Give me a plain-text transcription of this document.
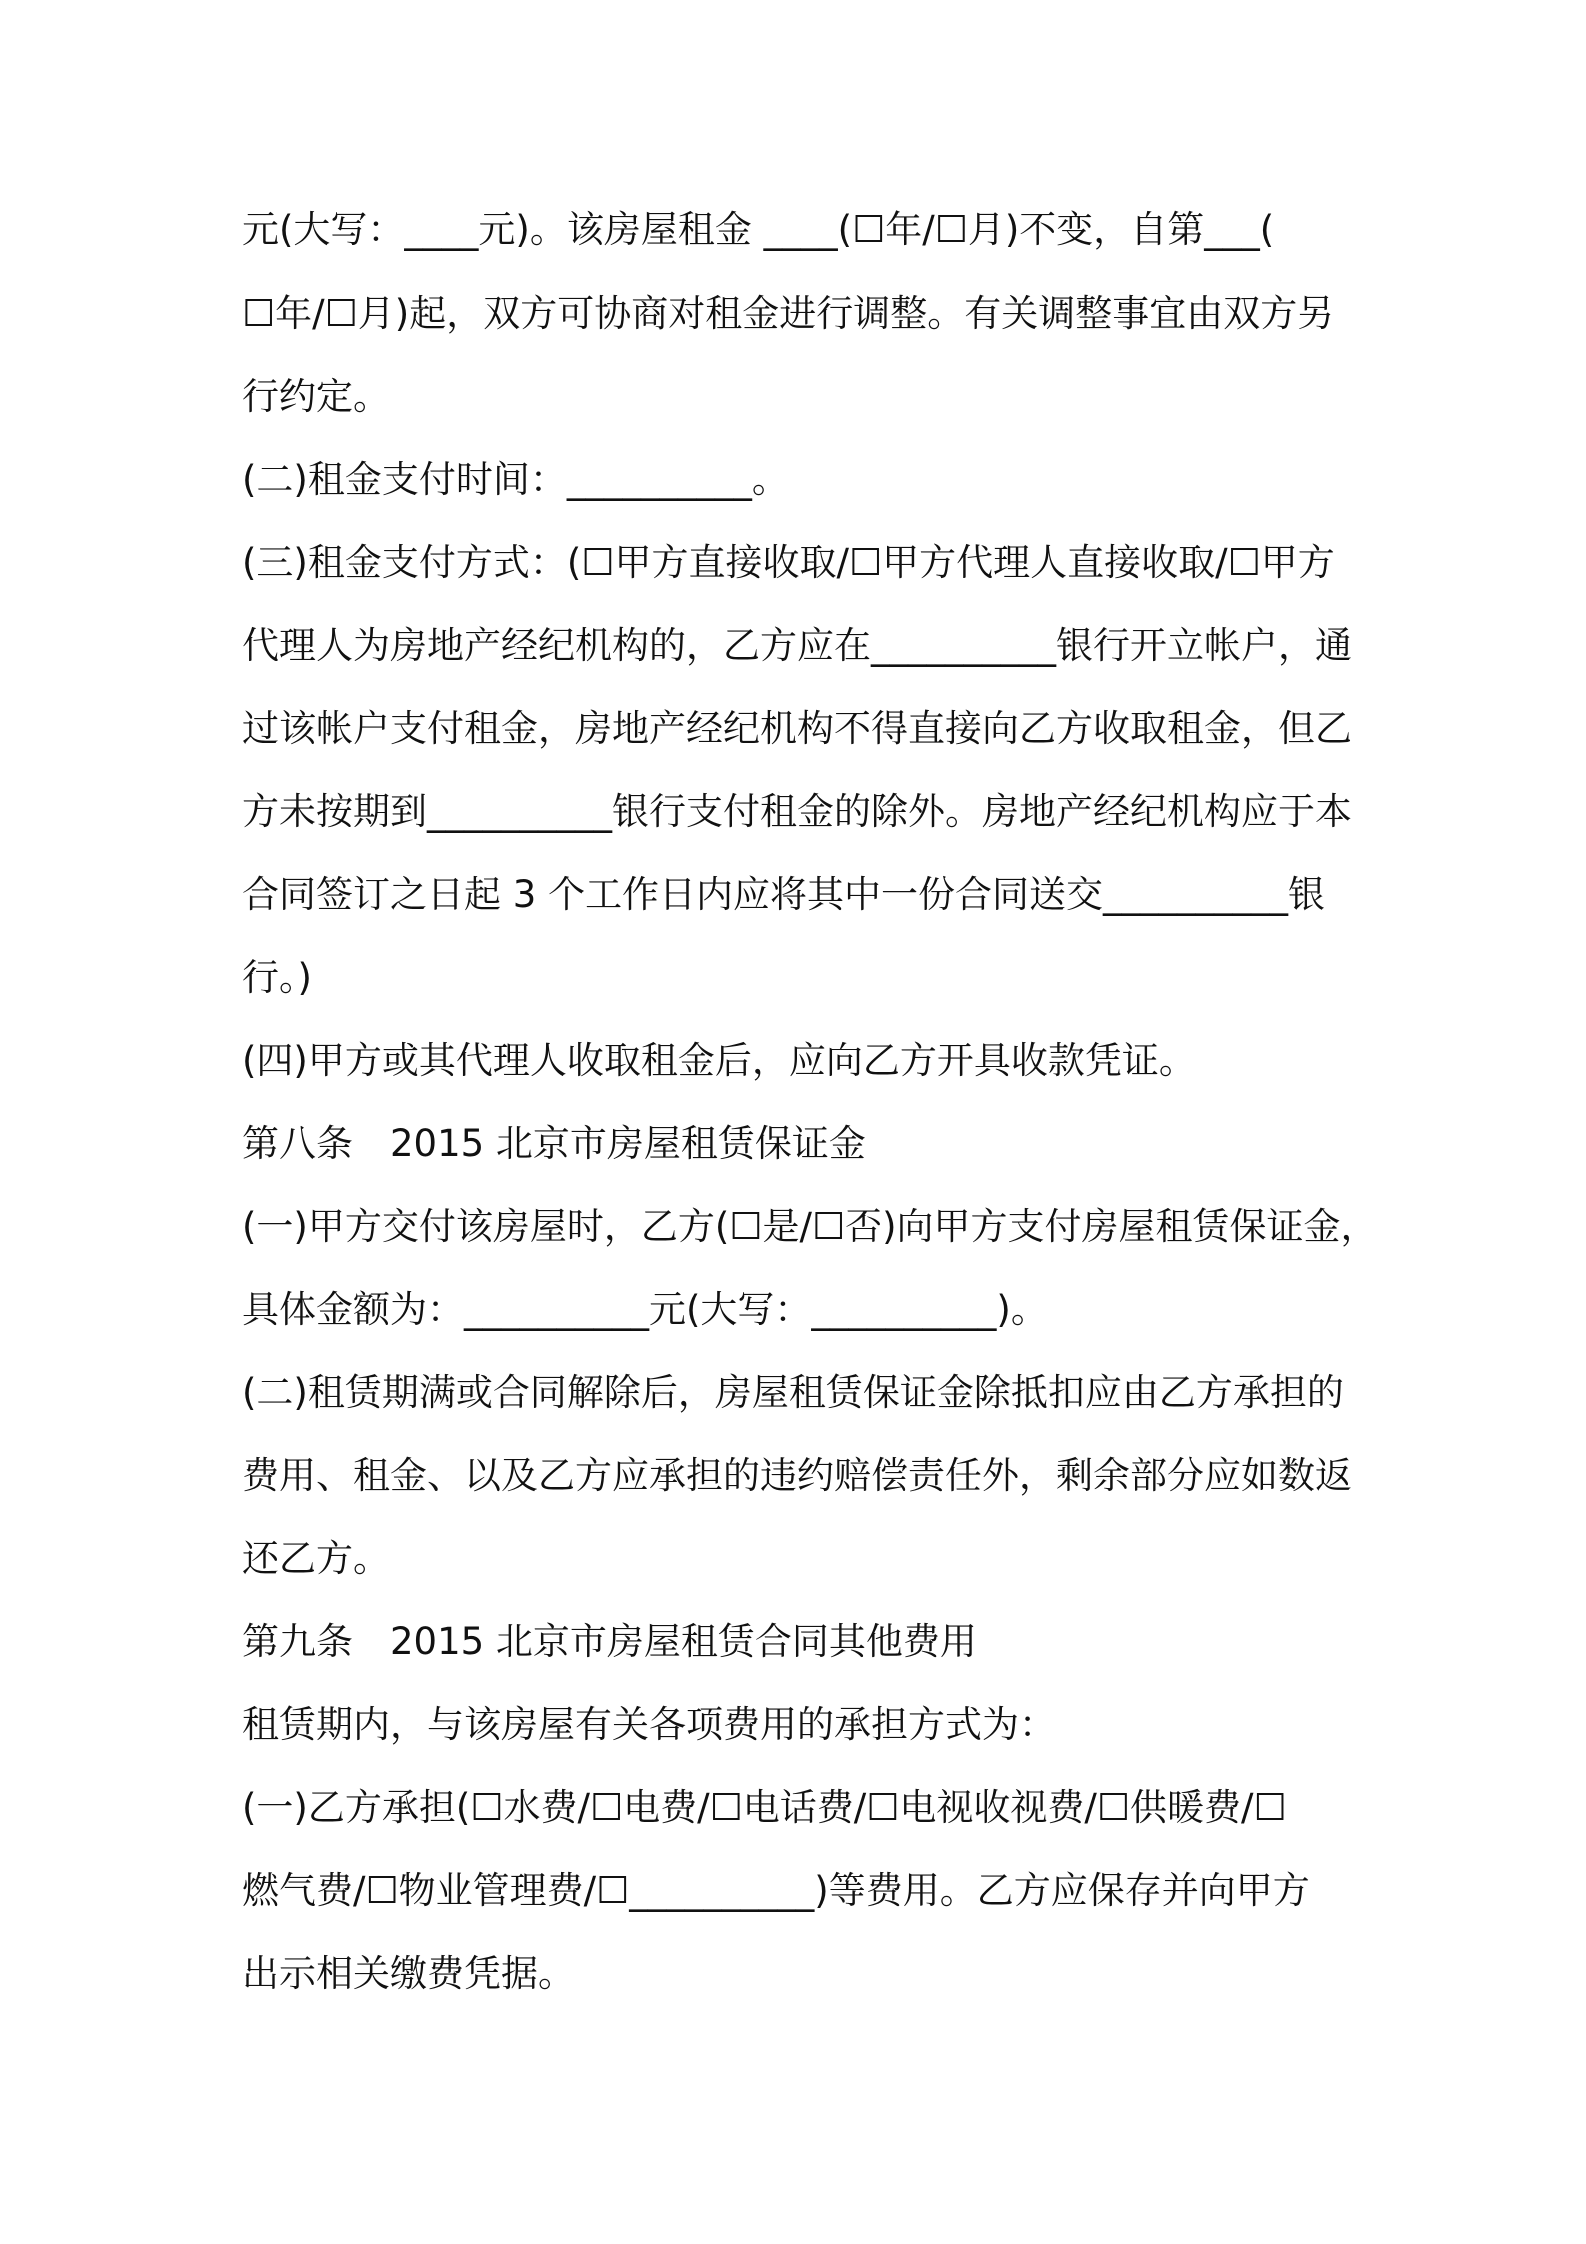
元(大写：____元)。该房屋租金 ____(☐年/☐月)不变，自第___(
☐年/☐月)起，双方可协商对租金进行调整。有关调整事宜由双方另
行约定。
(二)租金支付时间：__________。
(三)租金支付方式：(☐甲方直接收取/☐甲方代理人直接收取/☐甲方
代理人为房地产经纪机构的，乙方应在__________银行开立帐户，通
过该帐户支付租金，房地产经纪机构不得直接向乙方收取租金，但乙
方未按期到__________银行支付租金的除外。房地产经纪机构应于本
合同签订之日起 3 个工作日内应将其中一份合同送交__________银
行。)
(四)甲方或其代理人收取租金后，应向乙方开具收款凭证。
第八条　2015 北京市房屋租赁保证金
(一)甲方交付该房屋时，乙方(☐是/☐否)向甲方支付房屋租赁保证金，
具体金额为：__________元(大写：__________)。
(二)租赁期满或合同解除后，房屋租赁保证金除抵扣应由乙方承担的
费用、租金、以及乙方应承担的违约赔偿责任外，剩余部分应如数返
还乙方。
第九条　2015 北京市房屋租赁合同其他费用
租赁期内，与该房屋有关各项费用的承担方式为：
(一)乙方承担(☐水费/☐电费/☐电话费/☐电视收视费/☐供暖费/☐
燃气费/☐物业管理费/☐__________)等费用。乙方应保存并向甲方
出示相关缴费凭据。
